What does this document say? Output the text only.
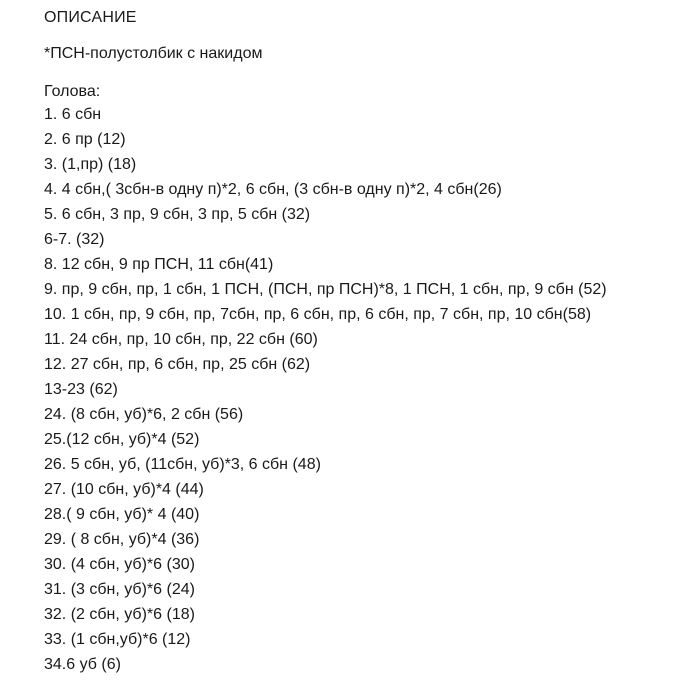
ОПИСАНИЕ
*ПСН-полустолбик с накидом
Голова:
1. 6 сбн
2. 6 пр (12)
3. (1,пр) (18)
4. 4 сбн,( 3сбн-в одну п)*2, 6 сбн, (3 сбн-в одну п)*2, 4 сбн(26)
5. 6 сбн, 3 пр, 9 сбн, 3 пр, 5 сбн (32)
6-7. (32)
8. 12 сбн, 9 пр ПСН, 11 сбн(41)
9. пр, 9 сбн, пр, 1 сбн, 1 ПСН, (ПСН, пр ПСН)*8, 1 ПСН, 1 сбн, пр, 9 сбн (52)
10. 1 сбн, пр, 9 сбн, пр, 7сбн, пр, 6 сбн, пр, 6 сбн, пр, 7 сбн, пр, 10 сбн(58)
11. 24 сбн, пр, 10 сбн, пр, 22 сбн (60)
12. 27 сбн, пр, 6 сбн, пр, 25 сбн (62)
13-23 (62)
24. (8 сбн, уб)*6, 2 сбн (56)
25.(12 сбн, уб)*4 (52)
26. 5 сбн, уб, (11сбн, уб)*3, 6 сбн (48)
27. (10 сбн, уб)*4 (44)
28.( 9 сбн, уб)* 4 (40)
29. ( 8 сбн, уб)*4 (36)
30. (4 сбн, уб)*6 (30)
31. (3 сбн, уб)*6 (24)
32. (2 сбн, уб)*6 (18)
33. (1 сбн,уб)*6 (12)
34.6 уб (6)
